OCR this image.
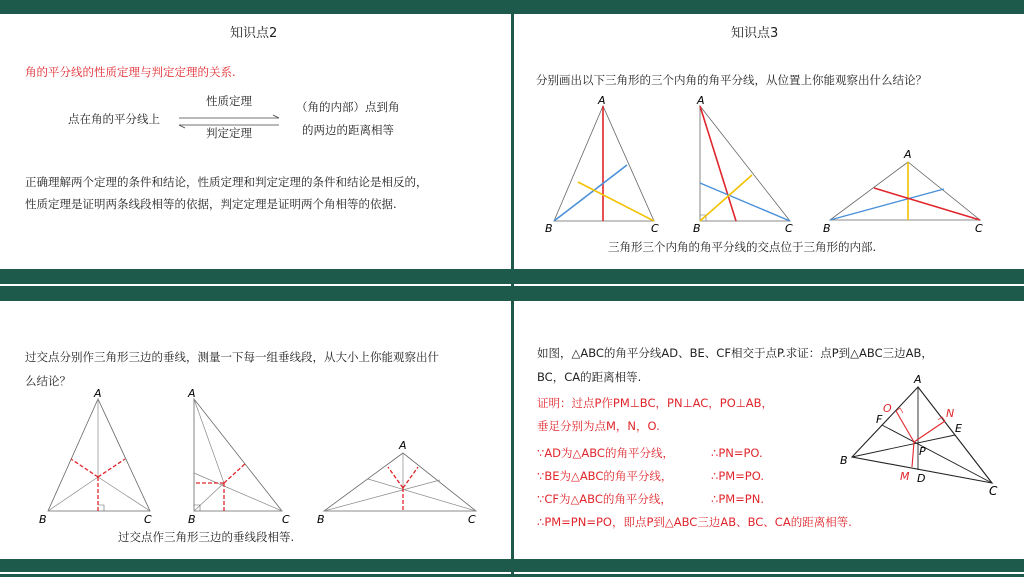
知识点2
角的平分线的性质定理与判定定理的关系.
点在角的平分线上
性质定理
判定定理
（角的内部）点到角
的两边的距离相等
正确理解两个定理的条件和结论，性质定理和判定定理的条件和结论是相反的，
性质定理是证明两条线段相等的依据，判定定理是证明两个角相等的依据.
知识点3
分别画出以下三角形的三个内角的角平分线，从位置上你能观察出什么结论？
A
B	C
A
B	C
A
B	C
三角形三个内角的角平分线的交点位于三角形的内部.
过交点分别作三角形三边的垂线，测量一下每一组垂线段，从大小上你能观察出什
么结论？
A
B	C
A
B	C
A
B	C
过交点作三角形三边的垂线段相等.
如图，△ABC的角平分线AD、BE、CF相交于点P.求证：点P到△ABC三边AB，
BC，CA的距离相等.
证明：过点P作PM⊥BC，PN⊥AC，PO⊥AB，
垂足分别为点M，N，O.
∵AD为△ABC的角平分线，	∴PN=PO.
∵BE为△ABC的角平分线，	∴PM=PO.
∵CF为△ABC的角平分线，	∴PM=PN.
∴PM=PN=PO，即点P到△ABC三边AB、BC、CA的距离相等.
A
B
C
D
E
F
P
M
N
O
